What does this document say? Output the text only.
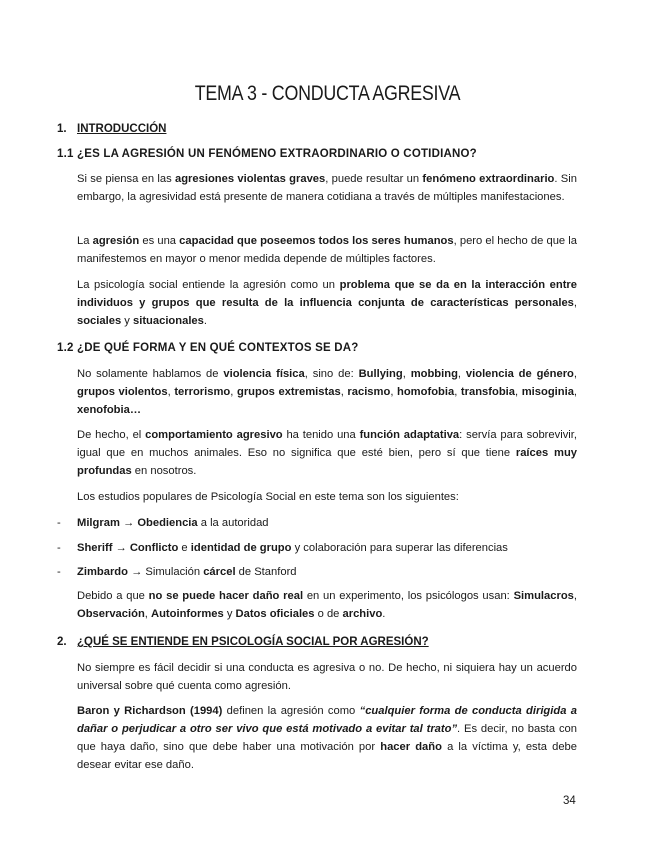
TEMA 3 - CONDUCTA AGRESIVA
1. INTRODUCCIÓN
1.1 ¿ES LA AGRESIÓN UN FENÓMENO EXTRAORDINARIO O COTIDIANO?
Si se piensa en las agresiones violentas graves, puede resultar un fenómeno extraordinario. Sin embargo, la agresividad está presente de manera cotidiana a través de múltiples manifestaciones.
La agresión es una capacidad que poseemos todos los seres humanos, pero el hecho de que la manifestemos en mayor o menor medida depende de múltiples factores.
La psicología social entiende la agresión como un problema que se da en la interacción entre individuos y grupos que resulta de la influencia conjunta de características personales, sociales y situacionales.
1.2 ¿DE QUÉ FORMA Y EN QUÉ CONTEXTOS SE DA?
No solamente hablamos de violencia física, sino de: Bullying, mobbing, violencia de género, grupos violentos, terrorismo, grupos extremistas, racismo, homofobia, transfobia, misoginia, xenofobia…
De hecho, el comportamiento agresivo ha tenido una función adaptativa: servía para sobrevivir, igual que en muchos animales. Eso no significa que esté bien, pero sí que tiene raíces muy profundas en nosotros.
Los estudios populares de Psicología Social en este tema son los siguientes:
- Milgram → Obediencia a la autoridad
- Sheriff → Conflicto e identidad de grupo y colaboración para superar las diferencias
- Zimbardo → Simulación cárcel de Stanford
Debido a que no se puede hacer daño real en un experimento, los psicólogos usan: Simulacros, Observación, Autoinformes y Datos oficiales o de archivo.
2. ¿QUÉ SE ENTIENDE EN PSICOLOGÍA SOCIAL POR AGRESIÓN?
No siempre es fácil decidir si una conducta es agresiva o no. De hecho, ni siquiera hay un acuerdo universal sobre qué cuenta como agresión.
Baron y Richardson (1994) definen la agresión como “cualquier forma de conducta dirigida a dañar o perjudicar a otro ser vivo que está motivado a evitar tal trato”. Es decir, no basta con que haya daño, sino que debe haber una motivación por hacer daño a la víctima y, esta debe desear evitar ese daño.
34
